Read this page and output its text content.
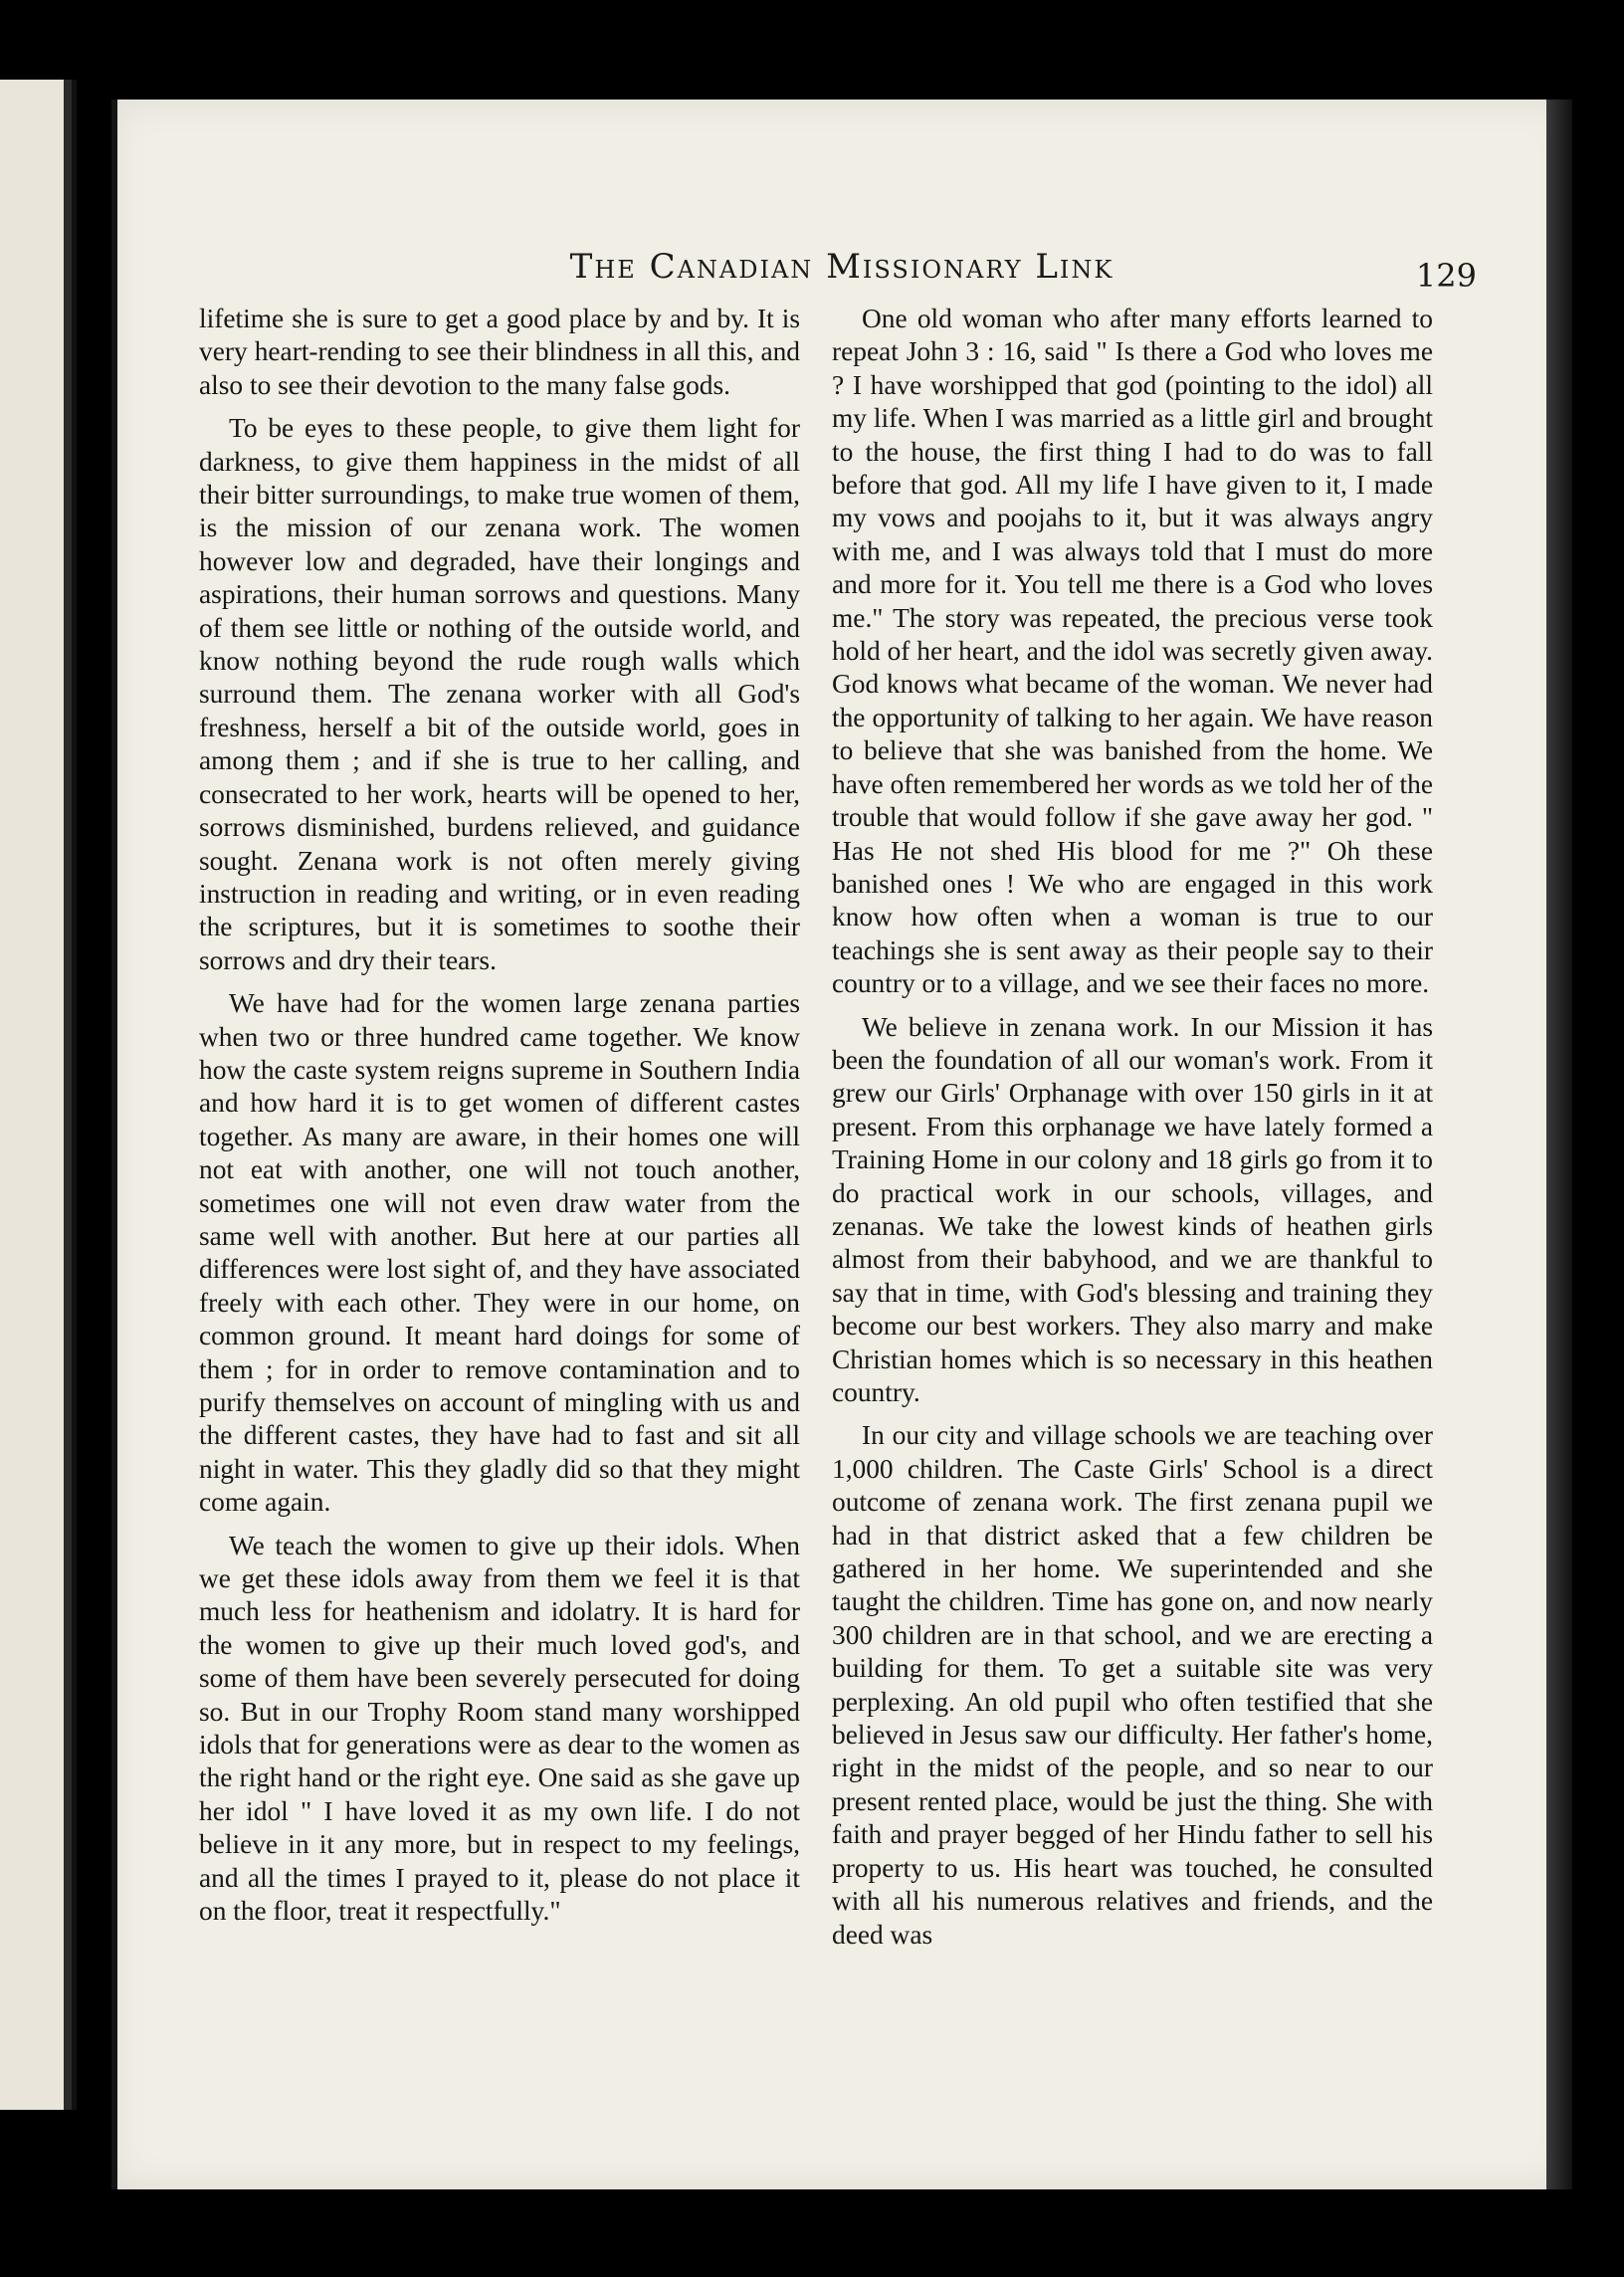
The Canadian Missionary Link	129

lifetime she is sure to get a good place by and by. It is very heart-rending to see their blindness in all this, and also to see their devotion to the many false gods.

To be eyes to these people, to give them light for darkness, to give them happiness in the midst of all their bitter surroundings, to make true women of them, is the mission of our zenana work. The women however low and degraded, have their longings and aspirations, their human sorrows and questions. Many of them see little or nothing of the outside world, and know nothing beyond the rude rough walls which surround them. The zenana worker with all God's freshness, herself a bit of the outside world, goes in among them ; and if she is true to her calling, and consecrated to her work, hearts will be opened to her, sorrows disminished, burdens relieved, and guidance sought. Zenana work is not often merely giving instruction in reading and writing, or in even reading the scriptures, but it is sometimes to soothe their sorrows and dry their tears.

We have had for the women large zenana parties when two or three hundred came together. We know how the caste system reigns supreme in Southern India and how hard it is to get women of different castes together. As many are aware, in their homes one will not eat with another, one will not touch another, sometimes one will not even draw water from the same well with another. But here at our parties all differences were lost sight of, and they have associated freely with each other. They were in our home, on common ground. It meant hard doings for some of them ; for in order to remove contamination and to purify themselves on account of mingling with us and the different castes, they have had to fast and sit all night in water. This they gladly did so that they might come again.

We teach the women to give up their idols. When we get these idols away from them we feel it is that much less for heathenism and idolatry. It is hard for the women to give up their much loved god's, and some of them have been severely persecuted for doing so. But in our Trophy Room stand many worshipped idols that for generations were as dear to the women as the right hand or the right eye. One said as she gave up her idol " I have loved it as my own life. I do not believe in it any more, but in respect to my feelings, and all the times I prayed to it, please do not place it on the floor, treat it respectfully."

One old woman who after many efforts learned to repeat John 3 : 16, said " Is there a God who loves me ? I have worshipped that god (pointing to the idol) all my life. When I was married as a little girl and brought to the house, the first thing I had to do was to fall before that god. All my life I have given to it, I made my vows and poojahs to it, but it was always angry with me, and I was always told that I must do more and more for it. You tell me there is a God who loves me." The story was repeated, the precious verse took hold of her heart, and the idol was secretly given away. God knows what became of the woman. We never had the opportunity of talking to her again. We have reason to believe that she was banished from the home. We have often remembered her words as we told her of the trouble that would follow if she gave away her god. " Has He not shed His blood for me ?" Oh these banished ones ! We who are engaged in this work know how often when a woman is true to our teachings she is sent away as their people say to their country or to a village, and we see their faces no more.

We believe in zenana work. In our Mission it has been the foundation of all our woman's work. From it grew our Girls' Orphanage with over 150 girls in it at present. From this orphanage we have lately formed a Training Home in our colony and 18 girls go from it to do practical work in our schools, villages, and zenanas. We take the lowest kinds of heathen girls almost from their babyhood, and we are thankful to say that in time, with God's blessing and training they become our best workers. They also marry and make Christian homes which is so necessary in this heathen country.

In our city and village schools we are teaching over 1,000 children. The Caste Girls' School is a direct outcome of zenana work. The first zenana pupil we had in that district asked that a few children be gathered in her home. We superintended and she taught the children. Time has gone on, and now nearly 300 children are in that school, and we are erecting a building for them. To get a suitable site was very perplexing. An old pupil who often testified that she believed in Jesus saw our difficulty. Her father's home, right in the midst of the people, and so near to our present rented place, would be just the thing. She with faith and prayer begged of her Hindu father to sell his property to us. His heart was touched, he consulted with all his numerous relatives and friends, and the deed was
